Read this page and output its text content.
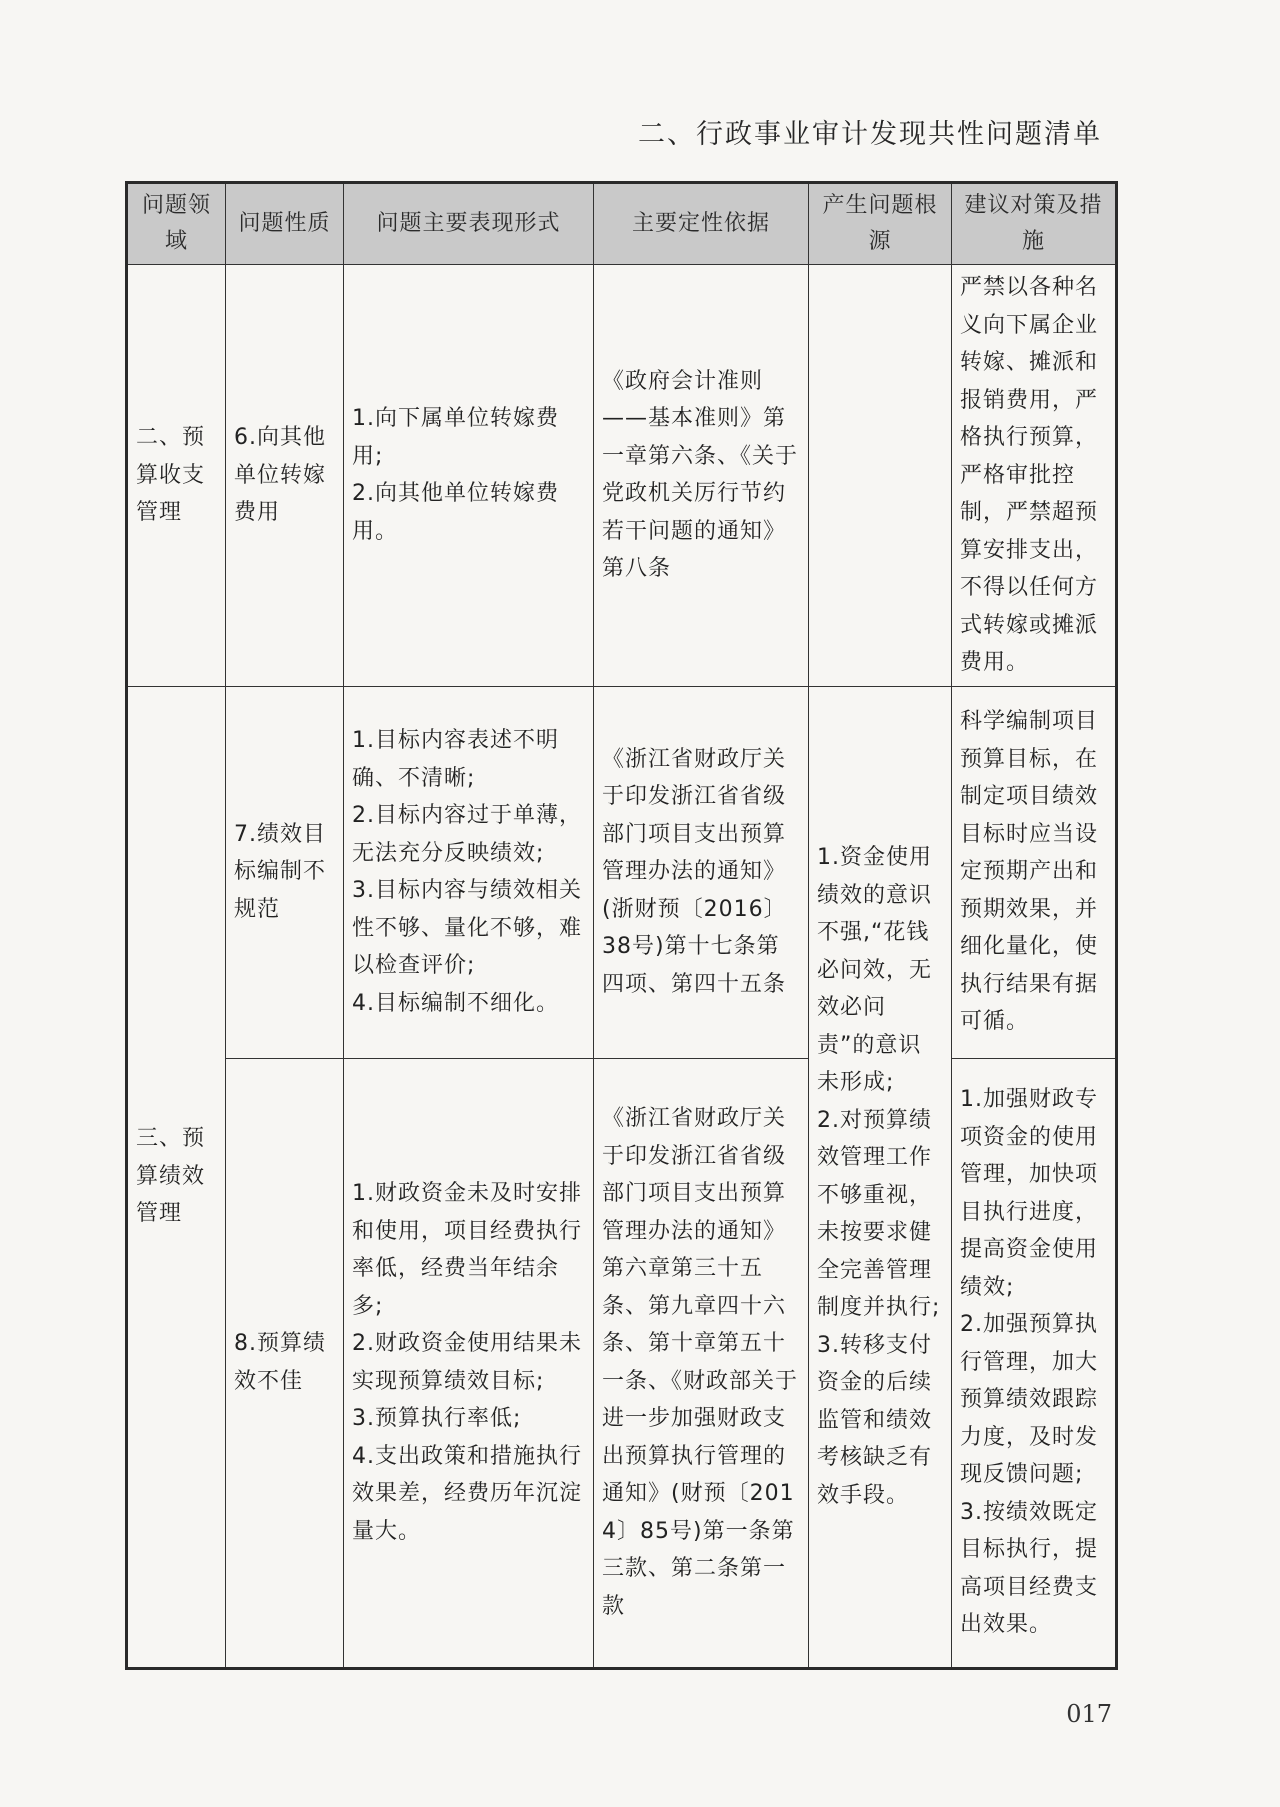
二、行政事业审计发现共性问题清单
问题领域	问题性质	问题主要表现形式	主要定性依据	产生问题根源	建议对策及措施
二、预算收支管理	6.向其他单位转嫁费用	1.向下属单位转嫁费用;
2.向其他单位转嫁费用。	《政府会计准则——基本准则》第一章第六条、《关于党政机关厉行节约若干问题的通知》第八条		严禁以各种名义向下属企业转嫁、摊派和报销费用，严格执行预算，严格审批控制，严禁超预算安排支出，不得以任何方式转嫁或摊派费用。
三、预算绩效管理	7.绩效目标编制不规范	1.目标内容表述不明确、不清晰;
2.目标内容过于单薄，无法充分反映绩效;
3.目标内容与绩效相关性不够、量化不够，难以检查评价;
4.目标编制不细化。	《浙江省财政厅关于印发浙江省省级部门项目支出预算管理办法的通知》(浙财预〔2016〕38号)第十七条第四项、第四十五条	1.资金使用绩效的意识不强,“花钱必问效，无效必问责”的意识未形成;
2.对预算绩效管理工作不够重视，未按要求健全完善管理制度并执行;
3.转移支付资金的后续监管和绩效考核缺乏有效手段。	科学编制项目预算目标，在制定项目绩效目标时应当设定预期产出和预期效果，并细化量化，使执行结果有据可循。
	8.预算绩效不佳	1.财政资金未及时安排和使用，项目经费执行率低，经费当年结余多;
2.财政资金使用结果未实现预算绩效目标;
3.预算执行率低;
4.支出政策和措施执行效果差，经费历年沉淀量大。	《浙江省财政厅关于印发浙江省省级部门项目支出预算管理办法的通知》第六章第三十五条、第九章四十六条、第十章第五十一条、《财政部关于进一步加强财政支出预算执行管理的通知》(财预〔2014〕85号)第一条第三款、第二条第一款		1.加强财政专项资金的使用管理，加快项目执行进度，提高资金使用绩效;
2.加强预算执行管理，加大预算绩效跟踪力度，及时发现反馈问题;
3.按绩效既定目标执行，提高项目经费支出效果。
017
